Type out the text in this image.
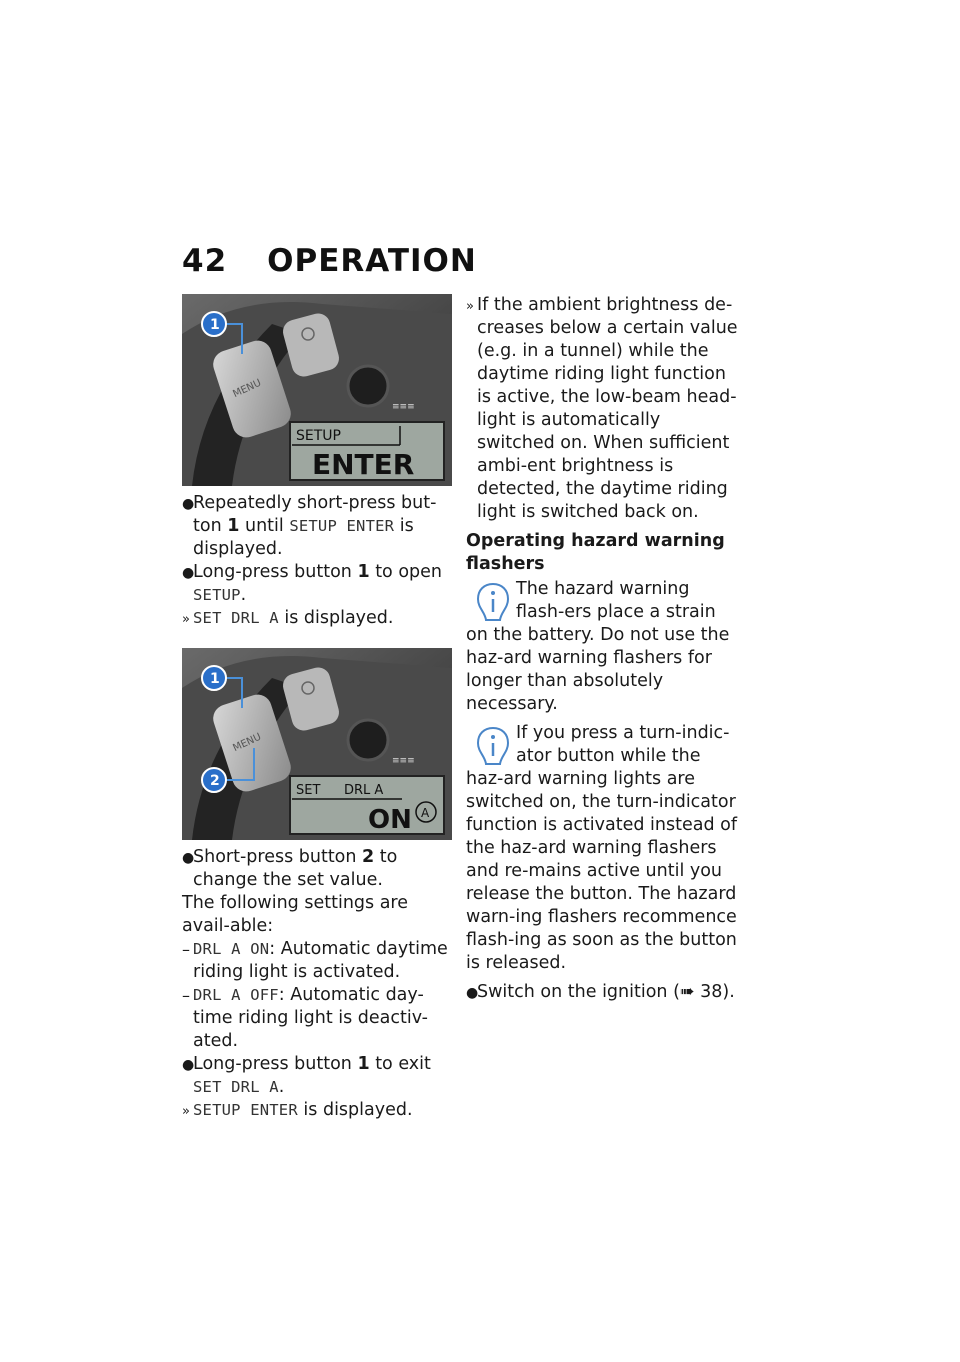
42 OPERATION
MENU
≡≡≡
SETUP
ENTER
1

●
Repeatedly short-press but-ton 1 until SETUP ENTER is displayed.

●
Long-press button 1 to open SETUP.

» SET DRL A is displayed.

MENU
≡≡≡
SET DRL A
ON A
1
2

●
Short-press button 2 to change the set value.

The following settings are avail-able:

– DRL A ON: Automatic daytime riding light is activated.

– DRL A OFF: Automatic day-time riding light is deactiv-ated.

●
Long-press button 1 to exit SET DRL A.

» SETUP ENTER is displayed.

» If the ambient brightness de-creases below a certain value (e.g. in a tunnel) while the daytime riding light function is active, the low-beam head-light is automatically switched on. When sufficient ambi-ent brightness is detected, the daytime riding light is switched back on.

Operating hazard warning flashers

The hazard warning flash-ers place a strain on the battery. Do not use the haz-ard warning flashers for longer than absolutely necessary.
If you press a turn-indic-ator button while the haz-ard warning lights are switched on, the turn-indicator function is activated instead of the haz-ard warning flashers and re-mains active until you release the button. The hazard warn-ing flashers recommence flash-ing as soon as the button is released.

●
Switch on the ignition (➠ 38).
